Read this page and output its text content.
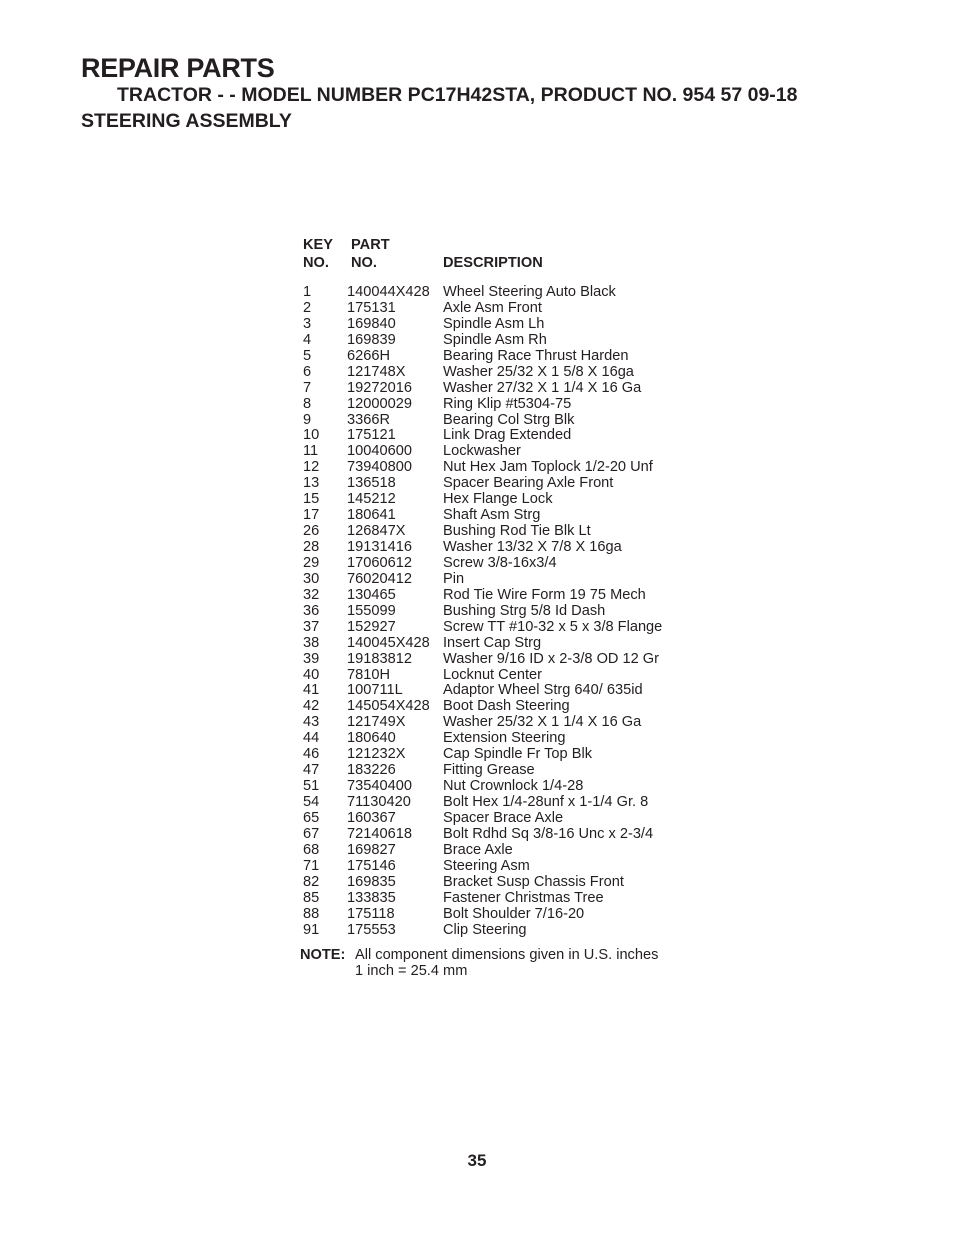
REPAIR PARTS
TRACTOR - - MODEL NUMBER PC17H42STA, PRODUCT NO. 954 57 09-18
STEERING ASSEMBLY
KEY
NO.
PART
NO.	DESCRIPTION
1 140044X428 Wheel Steering Auto Black
2 175131	Axle Asm Front
3 169840	Spindle Asm Lh
4 169839	Spindle Asm Rh
5 6266H	Bearing Race Thrust Harden
6 121748X	Washer 25/32 X 1 5/8 X 16ga
7 19272016 Washer 27/32 X 1 1/4 X 16 Ga
8 12000029 Ring Klip #t5304-75
9 3366R	Bearing Col Strg Blk
10 175121	Link Drag Extended
11 10040600 Lockwasher
12 73940800 Nut Hex Jam Toplock 1/2-20 Unf
13 136518	Spacer Bearing Axle Front
15 145212	Hex Flange Lock
17 180641	Shaft Asm Strg
26 126847X	Bushing Rod Tie Blk Lt
28 19131416 Washer 13/32 X 7/8 X 16ga
29 17060612 Screw 3/8-16x3/4
30 76020412 Pin
32 130465	Rod Tie Wire Form 19 75 Mech
36 155099	Bushing Strg 5/8 Id Dash
37 152927	Screw TT #10-32 x 5 x 3/8 Flange
38 140045X428 Insert Cap Strg
39 19183812 Washer 9/16 ID x 2-3/8 OD 12 Gr
40 7810H	Locknut Center
41 100711L	Adaptor Wheel Strg 640/ 635id
42 145054X428 Boot Dash Steering
43 121749X	Washer 25/32 X 1 1/4 X 16 Ga
44 180640	Extension Steering
46 121232X	Cap Spindle Fr Top Blk
47 183226	Fitting Grease
51 73540400 Nut Crownlock 1/4-28
54 71130420 Bolt Hex 1/4-28unf x 1-1/4 Gr. 8
65 160367	Spacer Brace Axle
67 72140618 Bolt Rdhd Sq 3/8-16 Unc x 2-3/4
68 169827	Brace Axle
71 175146	Steering Asm
82 169835	Bracket Susp Chassis Front
85 133835	Fastener Christmas Tree
88 175118	Bolt Shoulder 7/16-20
91 175553	Clip Steering
NOTE: All component dimensions given in U.S. inches
1 inch = 25.4 mm
35
